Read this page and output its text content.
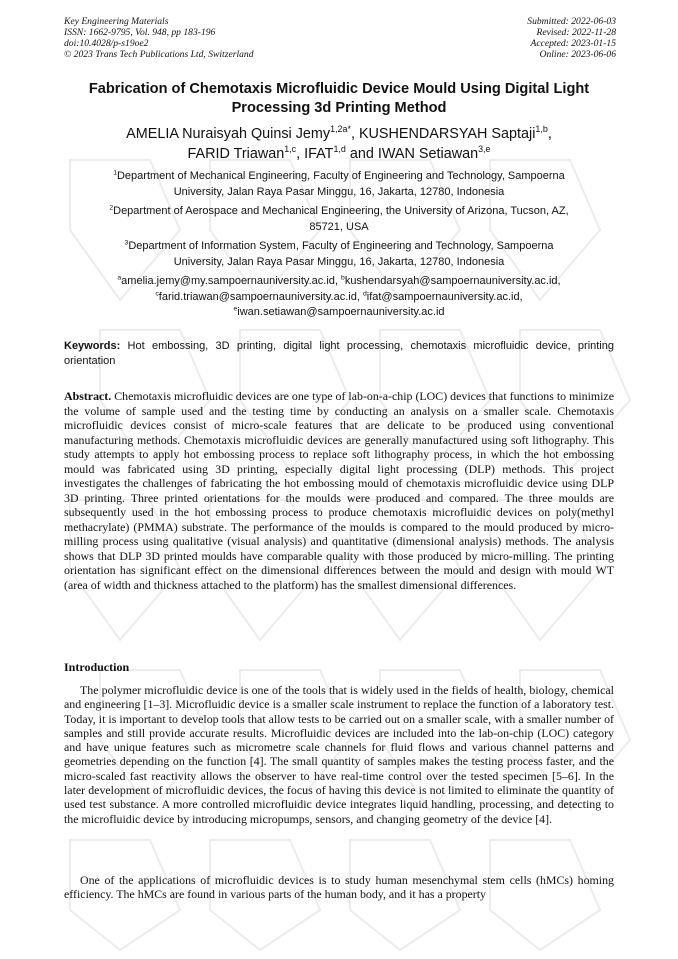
Key Engineering Materials
ISSN: 1662-9795, Vol. 948, pp 183-196
doi:10.4028/p-s19oe2
© 2023 Trans Tech Publications Ltd, Switzerland
Submitted: 2022-06-03
Revised: 2022-11-28
Accepted: 2023-01-15
Online: 2023-06-06
Fabrication of Chemotaxis Microfluidic Device Mould Using Digital Light
Processing 3d Printing Method
AMELIA Nuraisyah Quinsi Jemy$^{1,2a*}$, KUSHENDARSYAH Saptaji$^{1,b}$,
FARID Triawan$^{1,c}$, IFAT$^{1,d}$ and IWAN Setiawan$^{3,e}$
$^1$Department of Mechanical Engineering, Faculty of Engineering and Technology, Sampoerna
University, Jalan Raya Pasar Minggu, 16, Jakarta, 12780, Indonesia
$^2$Department of Aerospace and Mechanical Engineering, the University of Arizona, Tucson, AZ,
85721, USA
$^3$Department of Information System, Faculty of Engineering and Technology, Sampoerna
University, Jalan Raya Pasar Minggu, 16, Jakarta, 12780, Indonesia
$^a$amelia.jemy@my.sampoernauniversity.ac.id, $^b$kushendarsyah@sampoernauniversity.ac.id,
$^c$farid.triawan@sampoernauniversity.ac.id, $^d$ifat@sampoernauniversity.ac.id,
$^e$iwan.setiawan@sampoernauniversity.ac.id
Keywords: Hot embossing, 3D printing, digital light processing, chemotaxis microfluidic device, printing orientation

Abstract. Chemotaxis microfluidic devices are one type of lab-on-a-chip (LOC) devices that functions to minimize the volume of sample used and the testing time by conducting an analysis on a smaller scale. Chemotaxis microfluidic devices consist of micro-scale features that are delicate to be produced using conventional manufacturing methods. Chemotaxis microfluidic devices are generally manufactured using soft lithography. This study attempts to apply hot embossing process to replace soft lithography process, in which the hot embossing mould was fabricated using 3D printing, especially digital light processing (DLP) methods. This project investigates the challenges of fabricating the hot embossing mould of chemotaxis microfluidic device using DLP 3D printing. Three printed orientations for the moulds were produced and compared. The three moulds are subsequently used in the hot embossing process to produce chemotaxis microfluidic devices on poly(methyl methacrylate) (PMMA) substrate. The performance of the moulds is compared to the mould produced by micro-milling process using qualitative (visual analysis) and quantitative (dimensional analysis) methods. The analysis shows that DLP 3D printed moulds have comparable quality with those produced by micro-milling. The printing orientation has significant effect on the dimensional differences between the mould and design with mould WT (area of width and thickness attached to the platform) has the smallest dimensional differences.

Introduction

The polymer microfluidic device is one of the tools that is widely used in the fields of health, biology, chemical and engineering [1–3]. Microfluidic device is a smaller scale instrument to replace the function of a laboratory test. Today, it is important to develop tools that allow tests to be carried out on a smaller scale, with a smaller number of samples and still provide accurate results. Microfluidic devices are included into the lab-on-chip (LOC) category and have unique features such as micrometre scale channels for fluid flows and various channel patterns and geometries depending on the function [4]. The small quantity of samples makes the testing process faster, and the micro-scaled fast reactivity allows the observer to have real-time control over the tested specimen [5–6]. In the later development of microfluidic devices, the focus of having this device is not limited to eliminate the quantity of used test substance. A more controlled microfluidic device integrates liquid handling, processing, and detecting to the microfluidic device by introducing micropumps, sensors, and changing geometry of the device [4].

One of the applications of microfluidic devices is to study human mesenchymal stem cells (hMCs) homing efficiency. The hMCs are found in various parts of the human body, and it has a property
